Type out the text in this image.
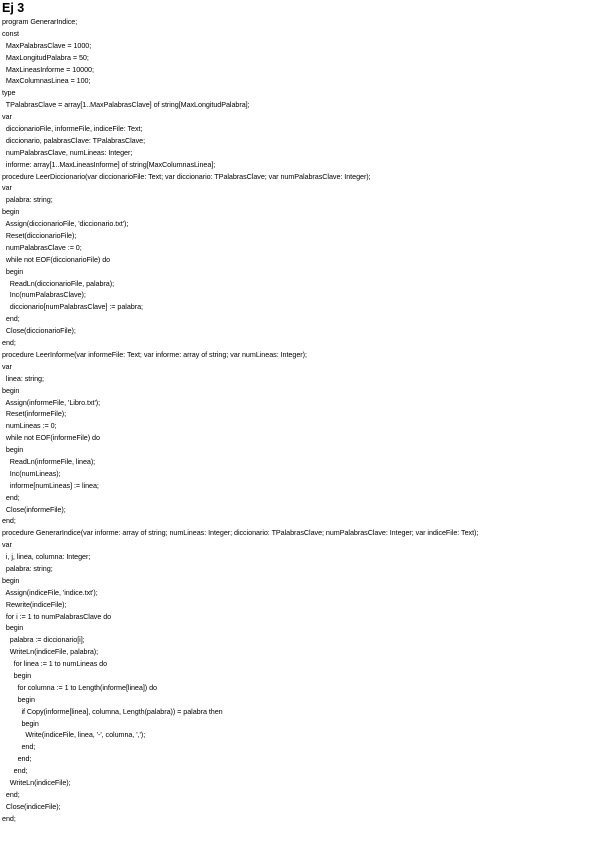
Ej 3
program GenerarIndice;
const
MaxPalabrasClave = 1000;
MaxLongitudPalabra = 50;
MaxLineasInforme = 10000;
MaxColumnasLinea = 100;
type
TPalabrasClave = array[1..MaxPalabrasClave] of string[MaxLongitudPalabra];
var
diccionarioFile, informeFile, indiceFile: Text;
diccionario, palabrasClave: TPalabrasClave;
numPalabrasClave, numLineas: Integer;
informe: array[1..MaxLineasInforme] of string[MaxColumnasLinea];
procedure LeerDiccionario(var diccionarioFile: Text; var diccionario: TPalabrasClave; var numPalabrasClave: Integer);
var
palabra: string;
begin
Assign(diccionarioFile, 'diccionario.txt');
Reset(diccionarioFile);
numPalabrasClave := 0;
while not EOF(diccionarioFile) do
begin
ReadLn(diccionarioFile, palabra);
Inc(numPalabrasClave);
diccionario[numPalabrasClave] := palabra;
end;
Close(diccionarioFile);
end;
procedure LeerInforme(var informeFile: Text; var informe: array of string; var numLineas: Integer);
var
linea: string;
begin
Assign(informeFile, 'Libro.txt');
Reset(informeFile);
numLineas := 0;
while not EOF(informeFile) do
begin
ReadLn(informeFile, linea);
Inc(numLineas);
informe[numLineas] := linea;
end;
Close(informeFile);
end;
procedure GenerarIndice(var informe: array of string; numLineas: Integer; diccionario: TPalabrasClave; numPalabrasClave: Integer; var indiceFile: Text);
var
i, j, linea, columna: Integer;
palabra: string;
begin
Assign(indiceFile, 'indice.txt');
Rewrite(indiceFile);
for i := 1 to numPalabrasClave do
begin
palabra := diccionario[i];
WriteLn(indiceFile, palabra);
for linea := 1 to numLineas do
begin
for columna := 1 to Length(informe[linea]) do
begin
if Copy(informe[linea], columna, Length(palabra)) = palabra then
begin
Write(indiceFile, linea, '-', columna, ',');
end;
end;
end;
WriteLn(indiceFile);
end;
Close(indiceFile);
end;
